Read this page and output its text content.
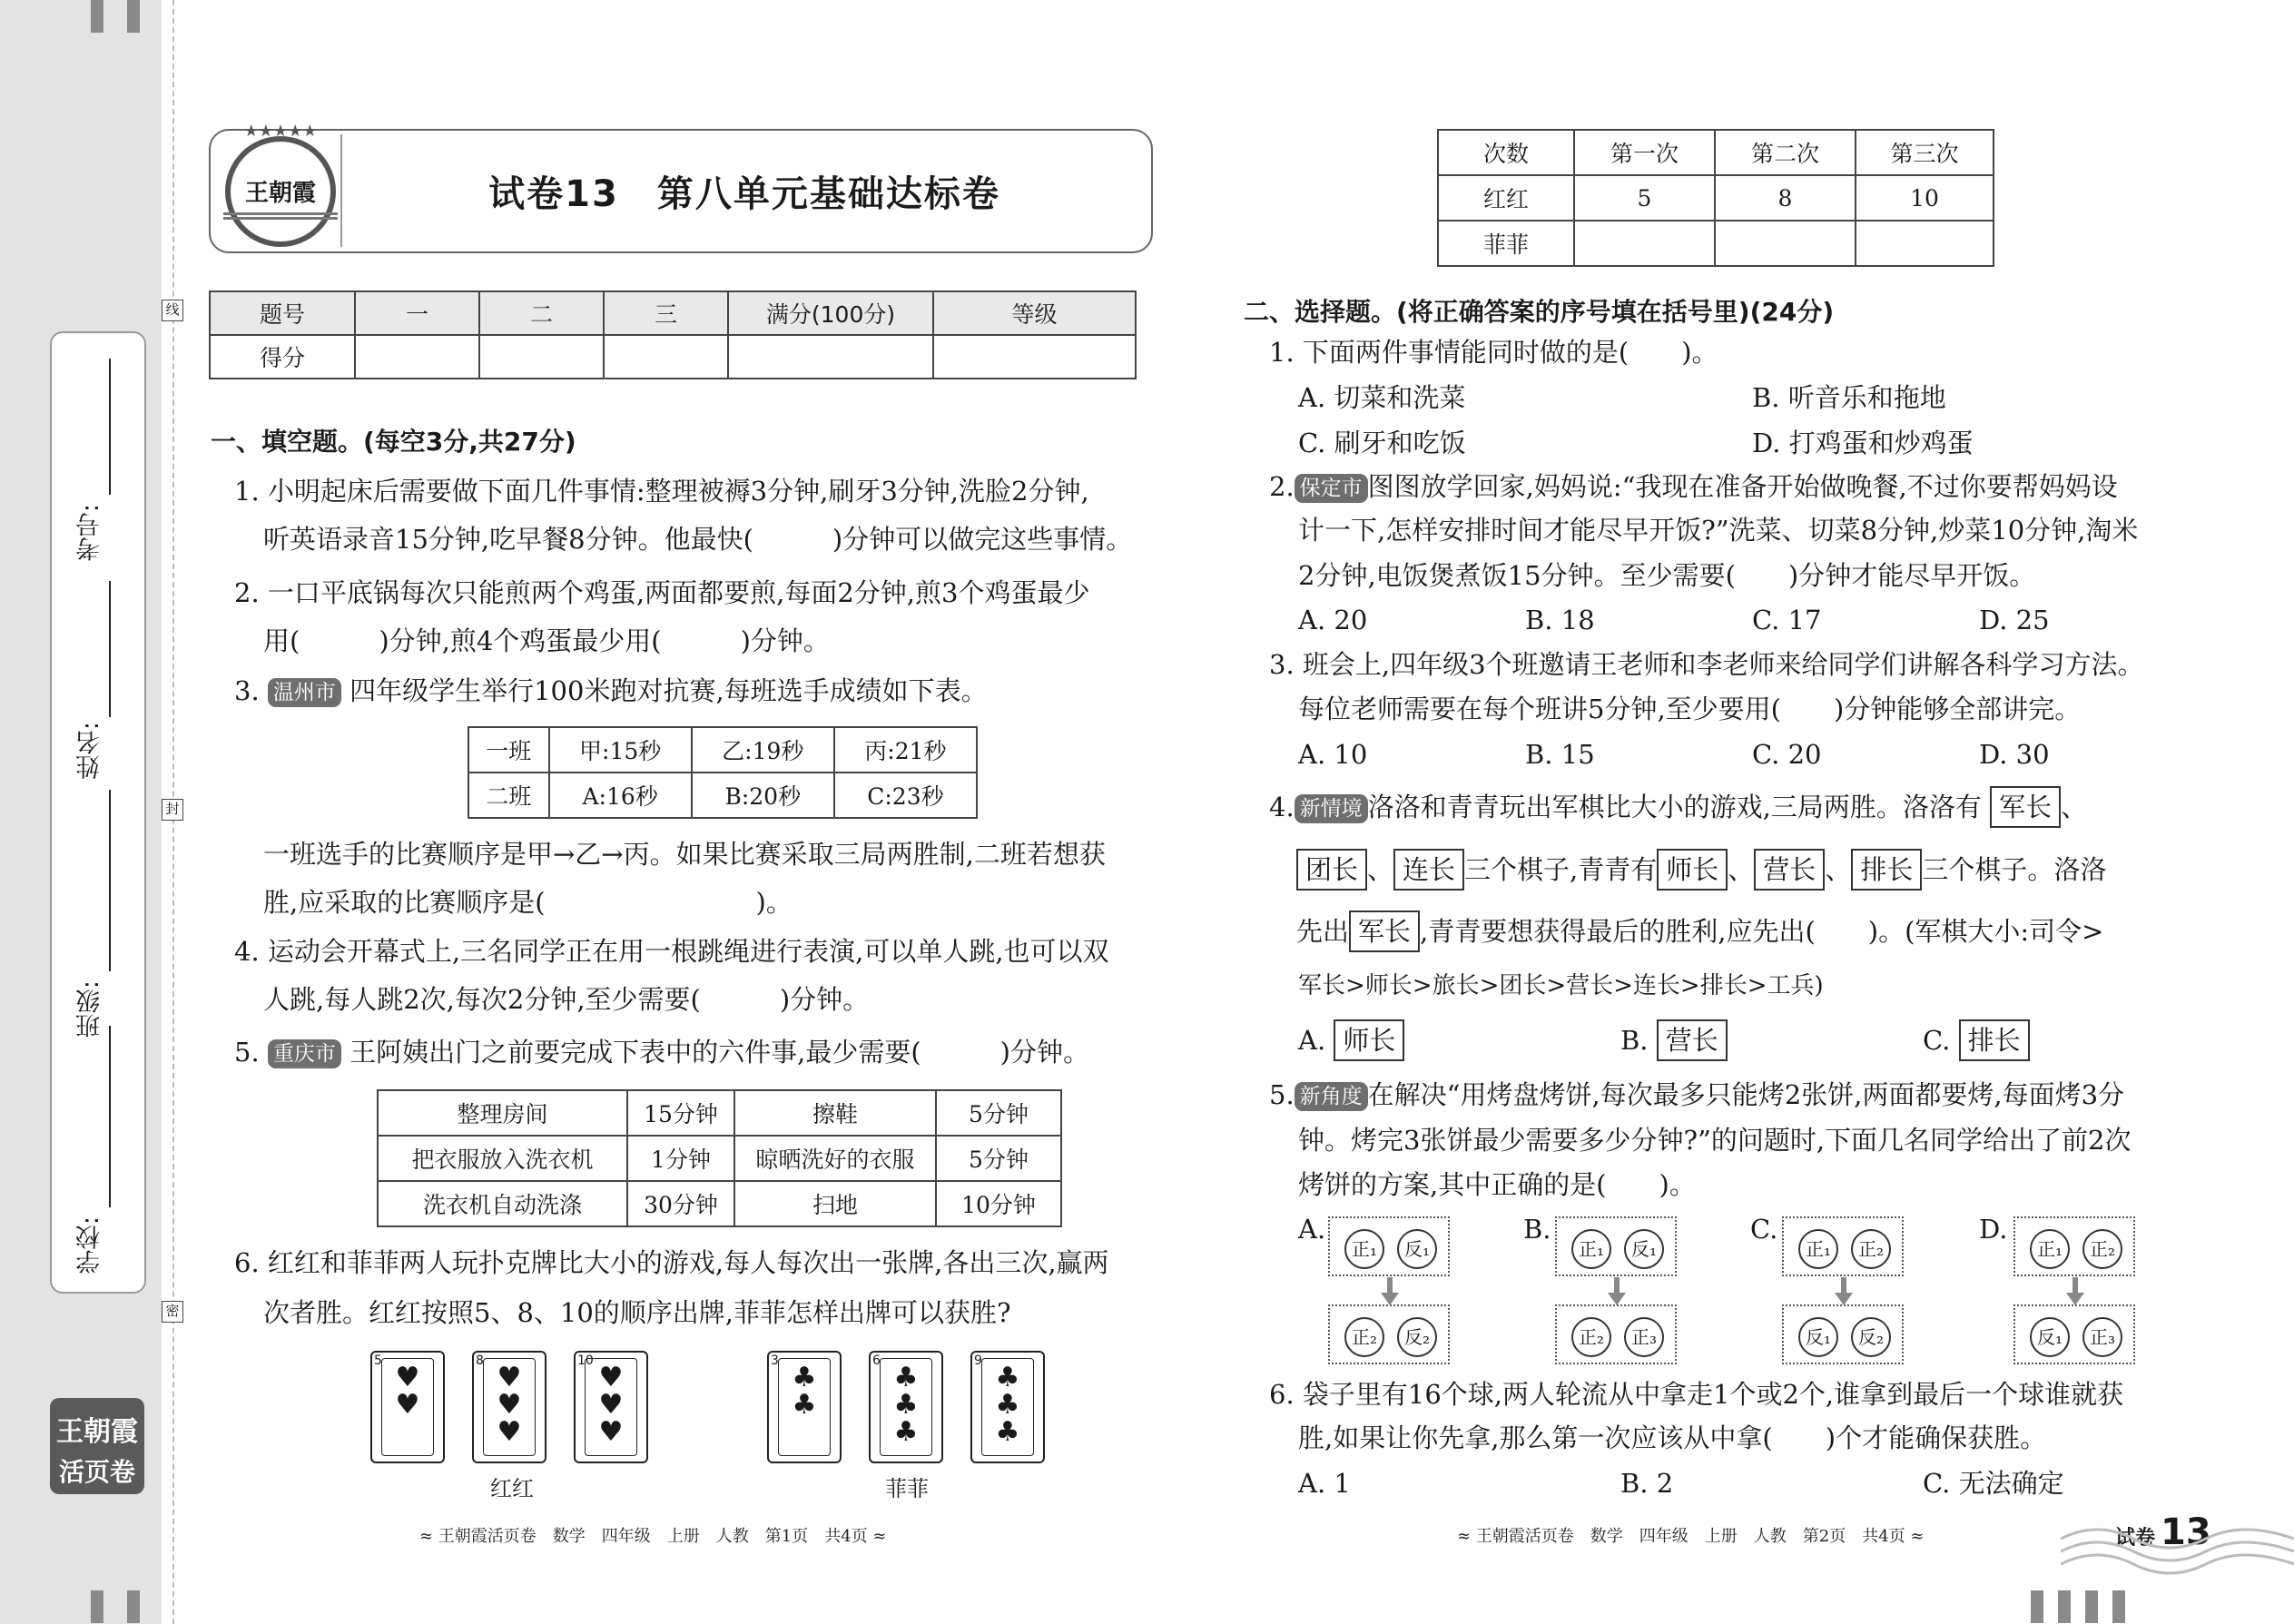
线
封
密
考号:
姓名:
班级:
学校:
王朝霞
活页卷
★★★★★
王朝霞	试卷13　第八单元基础达标卷
题号	一	二	三	满分(100分)	等级
得分					
一、填空题。(每空3分,共27分)
1. 小明起床后需要做下面几件事情:整理被褥3分钟,刷牙3分钟,洗脸2分钟,
听英语录音15分钟,吃早餐8分钟。他最快(　　　)分钟可以做完这些事情。
2. 一口平底锅每次只能煎两个鸡蛋,两面都要煎,每面2分钟,煎3个鸡蛋最少
用(　　　)分钟,煎4个鸡蛋最少用(　　　)分钟。
3. 温州市 四年级学生举行100米跑对抗赛,每班选手成绩如下表。
一班	甲:15秒	乙:19秒	丙:21秒
二班	A:16秒	B:20秒	C:23秒
一班选手的比赛顺序是甲→乙→丙。如果比赛采取三局两胜制,二班若想获
胜,应采取的比赛顺序是(　　　　　　　　)。
4. 运动会开幕式上,三名同学正在用一根跳绳进行表演,可以单人跳,也可以双
人跳,每人跳2次,每次2分钟,至少需要(　　　)分钟。
5. 重庆市 王阿姨出门之前要完成下表中的六件事,最少需要(　　　)分钟。
整理房间	15分钟	擦鞋	5分钟
把衣服放入洗衣机	1分钟	晾晒洗好的衣服	5分钟
洗衣机自动洗涤	30分钟	扫地	10分钟
6. 红红和菲菲两人玩扑克牌比大小的游戏,每人每次出一张牌,各出三次,赢两
次者胜。红红按照5、8、10的顺序出牌,菲菲怎样出牌可以获胜?
5
♥
♥
8
♥
♥
♥
10
♥
♥
♥
红红
3
♣
♣
6
♣
♣
♣
9
♣
♣
♣
菲菲
≈ 王朝霞活页卷　数学　四年级　上册　人教　第1页　共4页 ≈
次数	第一次	第二次	第三次
红红	5	8	10
菲菲			
二、选择题。(将正确答案的序号填在括号里)(24分)
1. 下面两件事情能同时做的是(　　)。
A. 切菜和洗菜	B. 听音乐和拖地
C. 刷牙和吃饭	D. 打鸡蛋和炒鸡蛋
2. 保定市 图图放学回家,妈妈说:“我现在准备开始做晚餐,不过你要帮妈妈设
计一下,怎样安排时间才能尽早开饭?”洗菜、切菜8分钟,炒菜10分钟,淘米
2分钟,电饭煲煮饭15分钟。至少需要(　　)分钟才能尽早开饭。
A. 20	B. 18	C. 17	D. 25
3. 班会上,四年级3个班邀请王老师和李老师来给同学们讲解各科学习方法。
每位老师需要在每个班讲5分钟,至少要用(　　)分钟能够全部讲完。
A. 10	B. 15	C. 20	D. 30
4. 新情境 洛洛和青青玩出军棋比大小的游戏,三局两胜。洛洛有 军长 、
团长 、 连长 三个棋子,青青有 师长 、 营长 、 排长 三个棋子。洛洛
先出 军长 ,青青要想获得最后的胜利,应先出(　　)。(军棋大小:司令>
军长>师长>旅长>团长>营长>连长>排长>工兵)
A. 师长	B. 营长	C. 排长
5. 新角度 在解决“用烤盘烤饼,每次最多只能烤2张饼,两面都要烤,每面烤3分
钟。烤完3张饼最少需要多少分钟?”的问题时,下面几名同学给出了前2次
烤饼的方案,其中正确的是(　　)。
A.
正₁	反₁
正₂	反₂
B.
正₁	反₁
正₂	正₃
C.
正₁	正₂
反₁	反₂
D.
正₁	正₂
反₁	正₃
6. 袋子里有16个球,两人轮流从中拿走1个或2个,谁拿到最后一个球谁就获
胜,如果让你先拿,那么第一次应该从中拿(　　)个才能确保获胜。
A. 1	B. 2	C. 无法确定
≈ 王朝霞活页卷　数学　四年级　上册　人教　第2页　共4页 ≈	试卷 13
